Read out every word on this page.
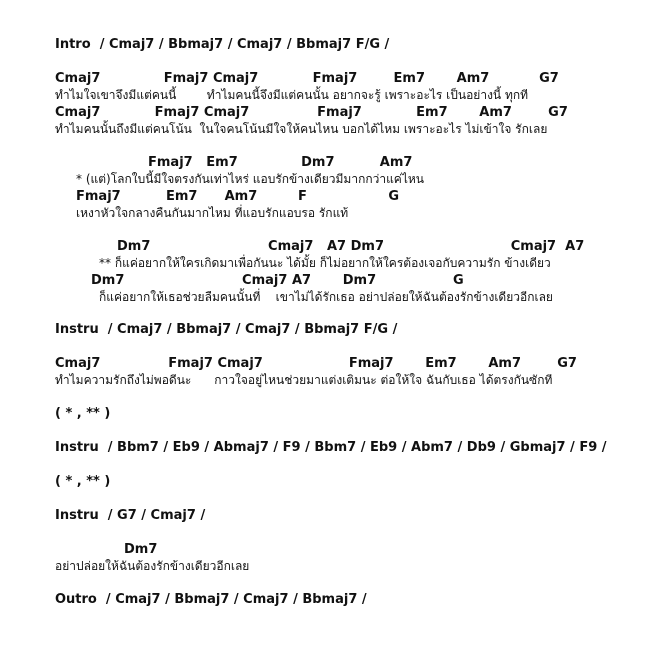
Intro  / Cmaj7 / Bbmaj7 / Cmaj7 / Bbmaj7 F/G /
Cmaj7              Fmaj7 Cmaj7            Fmaj7        Em7       Am7           G7
ทำไมใจเขาจึงมีแต่คนนี้        ทำไมคนนี้จึงมีแต่คนนั้น อยากจะรู้ เพราะอะไร เป็นอย่างนี้ ทุกที
Cmaj7            Fmaj7 Cmaj7               Fmaj7            Em7       Am7        G7
ทำไมคนนั้นถึงมีแต่คนโน้น  ในใจคนโน้นมีใจให้คนไหน บอกได้ไหม เพราะอะไร ไม่เข้าใจ รักเลย
Fmaj7   Em7              Dm7          Am7
* (แต่)โลกใบนี้มีใจตรงกันเท่าไหร่ แอบรักข้างเดียวมีมากกว่าแค่ไหน
Fmaj7          Em7      Am7         F                  G
เหงาหัวใจกลางคืนกันมากไหม ที่แอบรักแอบรอ รักแท้
Dm7                          Cmaj7   A7 Dm7                            Cmaj7  A7
** ก็แค่อยากให้ใครเกิดมาเพื่อกันนะ ได้มั้ย ก็ไม่อยากให้ใครต้องเจอกับความรัก ข้างเดียว
Dm7                          Cmaj7 A7       Dm7                 G
ก็แค่อยากให้เธอช่วยลืมคนนั้นที่    เขาไม่ได้รักเธอ อย่าปล่อยให้ฉันต้องรักข้างเดียวอีกเลย
Instru  / Cmaj7 / Bbmaj7 / Cmaj7 / Bbmaj7 F/G /
Cmaj7               Fmaj7 Cmaj7                   Fmaj7       Em7       Am7        G7
ทำไมความรักถึงไม่พอดีนะ      กาวใจอยู่ไหนช่วยมาแต่งเติมนะ ต่อให้ใจ ฉันกับเธอ ได้ตรงกันซักที
( * , ** )
Instru  / Bbm7 / Eb9 / Abmaj7 / F9 / Bbm7 / Eb9 / Abm7 / Db9 / Gbmaj7 / F9 /
( * , ** )
Instru  / G7 / Cmaj7 /
Dm7
อย่าปล่อยให้ฉันต้องรักข้างเดียวอีกเลย
Outro  / Cmaj7 / Bbmaj7 / Cmaj7 / Bbmaj7 /
